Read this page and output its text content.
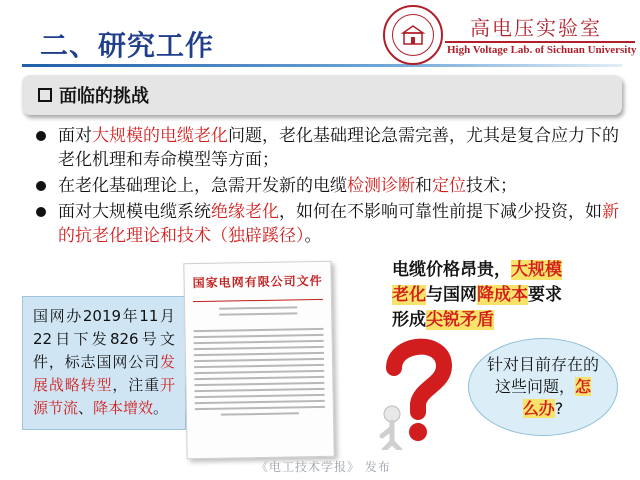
二、研究工作
高电压实验室
High Voltage Lab. of Sichuan University
面临的挑战
面对大规模的电缆老化问题，老化基础理论急需完善，尤其是复合应力下的老化机理和寿命模型等方面；
在老化基础理论上，急需开发新的电缆检测诊断和定位技术；
面对大规模电缆系统绝缘老化，如何在不影响可靠性前提下减少投资，如新的抗老化理论和技术（独辟蹊径）。
电缆价格昂贵，大规模
老化与国网降成本要求
形成尖锐矛盾
国网办2019年11月22日下发826号文件，标志国网公司发展战略转型，注重开源节流、降本增效。
国家电网有限公司文件
针对目前存在的这些问题，怎么办?
《电工技术学报》 发布
